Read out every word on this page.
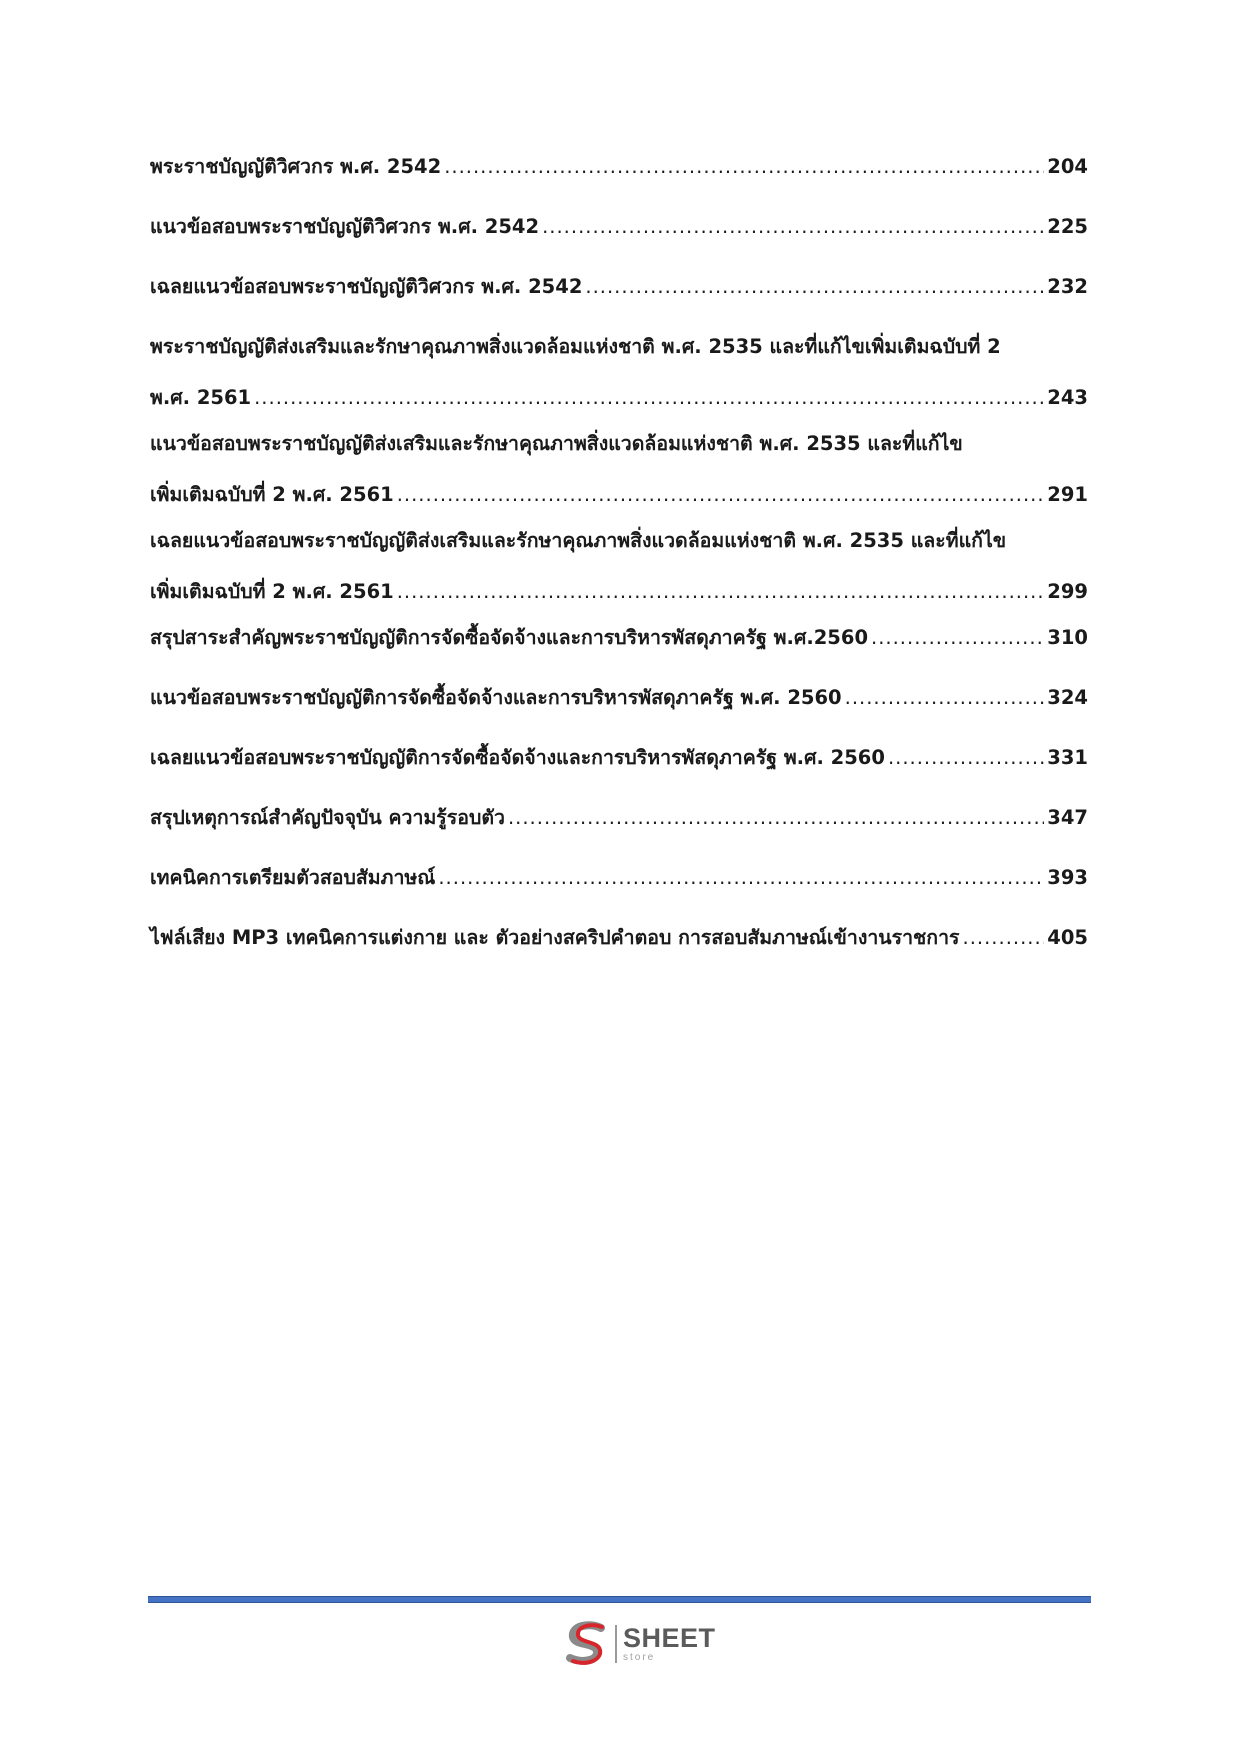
พระราชบัญญัติวิศวกร พ.ศ. 2542 .....	204
แนวข้อสอบพระราชบัญญัติวิศวกร พ.ศ. 2542 .....	225
เฉลยแนวข้อสอบพระราชบัญญัติวิศวกร พ.ศ. 2542 .....	232
พระราชบัญญัติส่งเสริมและรักษาคุณภาพสิ่งแวดล้อมแห่งชาติ พ.ศ. 2535 และที่แก้ไขเพิ่มเติมฉบับที่ 2
พ.ศ. 2561 .....	243
แนวข้อสอบพระราชบัญญัติส่งเสริมและรักษาคุณภาพสิ่งแวดล้อมแห่งชาติ พ.ศ. 2535 และที่แก้ไข
เพิ่มเติมฉบับที่ 2 พ.ศ. 2561 .....	291
เฉลยแนวข้อสอบพระราชบัญญัติส่งเสริมและรักษาคุณภาพสิ่งแวดล้อมแห่งชาติ พ.ศ. 2535 และที่แก้ไข
เพิ่มเติมฉบับที่ 2 พ.ศ. 2561 .....	299
สรุปสาระสำคัญพระราชบัญญัติการจัดซื้อจัดจ้างและการบริหารพัสดุภาครัฐ พ.ศ.2560 .....	310
แนวข้อสอบพระราชบัญญัติการจัดซื้อจัดจ้างและการบริหารพัสดุภาครัฐ พ.ศ. 2560 .....	324
เฉลยแนวข้อสอบพระราชบัญญัติการจัดซื้อจัดจ้างและการบริหารพัสดุภาครัฐ พ.ศ. 2560 .....	331
สรุปเหตุการณ์สำคัญปัจจุบัน ความรู้รอบตัว .....	347
เทคนิคการเตรียมตัวสอบสัมภาษณ์ .....	393
ไฟล์เสียง MP3 เทคนิคการแต่งกาย และ ตัวอย่างสคริปคำตอบ การสอบสัมภาษณ์เข้างานราชการ .....	405
SHEET
store
